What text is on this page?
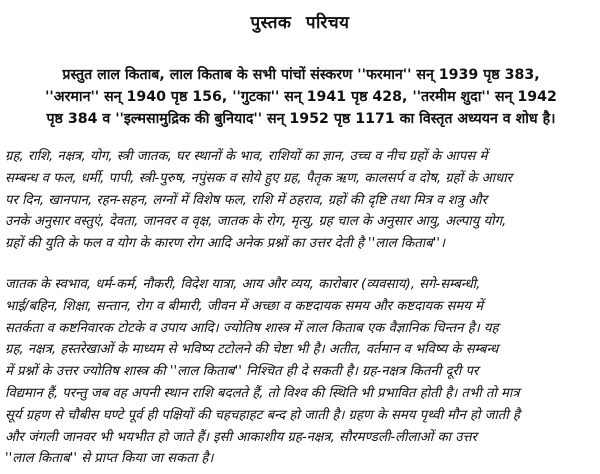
पुस्तक परिचय
प्रस्तुत लाल किताब, लाल किताब के सभी पांचों संस्करण ''फरमान'' सन् 1939 पृष्ठ 383,
''अरमान'' सन् 1940 पृष्ठ 156, ''गुटका'' सन् 1941 पृष्ठ 428, ''तरमीम शुदा'' सन् 1942
पृष्ठ 384 व ''इल्मसामुद्रिक की बुनियाद'' सन् 1952 पृष्ठ 1171 का विस्तृत अध्ययन व शोध है।
ग्रह, राशि, नक्षत्र, योग, स्त्री जातक, घर स्थानों के भाव, राशियों का ज्ञान, उच्च व नीच ग्रहों के आपस में
सम्बन्ध व फल, धर्मी, पापी, स्त्री-पुरुष, नपुंसक व सोये हुए ग्रह, पैतृक ऋण, कालसर्प व दोष, ग्रहों के आधार
पर दिन, खानपान, रहन-सहन, लग्नों में विशेष फल, राशि में ठहराव, ग्रहों की दृष्टि तथा मित्र व शत्रु और
उनके अनुसार वस्तुएं, देवता, जानवर व वृक्ष, जातक के रोग, मृत्यु, ग्रह चाल के अनुसार आयु, अल्पायु योग,
ग्रहों की युति के फल व योग के कारण रोग आदि अनेक प्रश्नों का उत्तर देती है ''लाल किताब''।
जातक के स्वभाव, धर्म-कर्म, नौकरी, विदेश यात्रा, आय और व्यय, कारोबार (व्यवसाय), सगे-सम्बन्धी,
भाई/बहिन, शिक्षा, सन्तान, रोग व बीमारी, जीवन में अच्छा व कष्टदायक समय और कष्टदायक समय में
सतर्कता व कष्टनिवारक टोटके व उपाय आदि। ज्योतिष शास्त्र में लाल किताब एक वैज्ञानिक चिन्तन है। यह
ग्रह, नक्षत्र, हस्तरेखाओं के माध्यम से भविष्य टटोलने की चेष्टा भी है। अतीत, वर्तमान व भविष्य के सम्बन्ध
में प्रश्नों के उत्तर ज्योतिष शास्त्र की ''लाल किताब'' निश्चित ही दे सकती है। ग्रह-नक्षत्र कितनी दूरी पर
विद्यमान हैं, परन्तु जब वह अपनी स्थान राशि बदलते हैं, तो विश्व की स्थिति भी प्रभावित होती है। तभी तो मात्र
सूर्य ग्रहण से चौबीस घण्टे पूर्व ही पक्षियों की चहचहाहट बन्द हो जाती है। ग्रहण के समय पृथ्वी मौन हो जाती है
और जंगली जानवर भी भयभीत हो जाते हैं। इसी आकाशीय ग्रह-नक्षत्र, सौरमण्डली-लीलाओं का उत्तर
''लाल किताब'' से प्राप्त किया जा सकता है।
